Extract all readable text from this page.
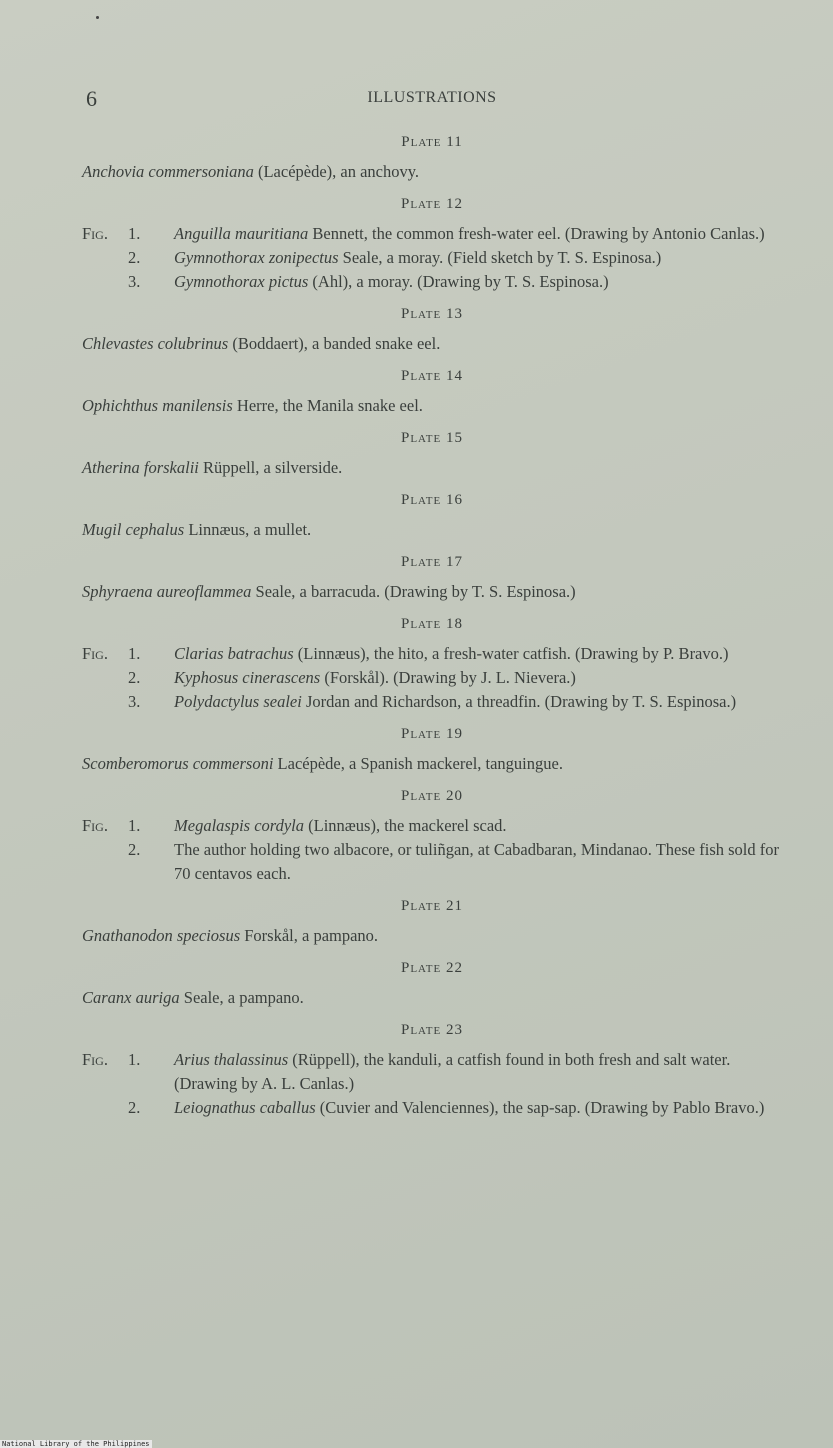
6	ILLUSTRATIONS
Plate 11
Anchovia commersoniana (Lacépède), an anchovy.
Plate 12
Fig. 1. Anguilla mauritiana Bennett, the common fresh-water eel. (Drawing by Antonio Canlas.)
2. Gymnothorax zonipectus Seale, a moray. (Field sketch by T. S. Espinosa.)
3. Gymnothorax pictus (Ahl), a moray. (Drawing by T. S. Espinosa.)
Plate 13
Chlevastes colubrinus (Boddaert), a banded snake eel.
Plate 14
Ophichthus manilensis Herre, the Manila snake eel.
Plate 15
Atherina forskalii Rüppell, a silverside.
Plate 16
Mugil cephalus Linnæus, a mullet.
Plate 17
Sphyraena aureoflammea Seale, a barracuda. (Drawing by T. S. Espinosa.)
Plate 18
Fig. 1. Clarias batrachus (Linnæus), the hito, a fresh-water catfish. (Drawing by P. Bravo.)
2. Kyphosus cinerascens (Forskål). (Drawing by J. L. Nievera.)
3. Polydactylus sealei Jordan and Richardson, a threadfin. (Drawing by T. S. Espinosa.)
Plate 19
Scomberomorus commersoni Lacépède, a Spanish mackerel, tanguingue.
Plate 20
Fig. 1. Megalaspis cordyla (Linnæus), the mackerel scad.
2. The author holding two albacore, or tuliñgan, at Cabadbaran, Mindanao. These fish sold for 70 centavos each.
Plate 21
Gnathanodon speciosus Forskål, a pampano.
Plate 22
Caranx auriga Seale, a pampano.
Plate 23
Fig. 1. Arius thalassinus (Rüppell), the kanduli, a catfish found in both fresh and salt water. (Drawing by A. L. Canlas.)
2. Leiognathus caballus (Cuvier and Valenciennes), the sap-sap. (Drawing by Pablo Bravo.)
National Library of the Philippines
